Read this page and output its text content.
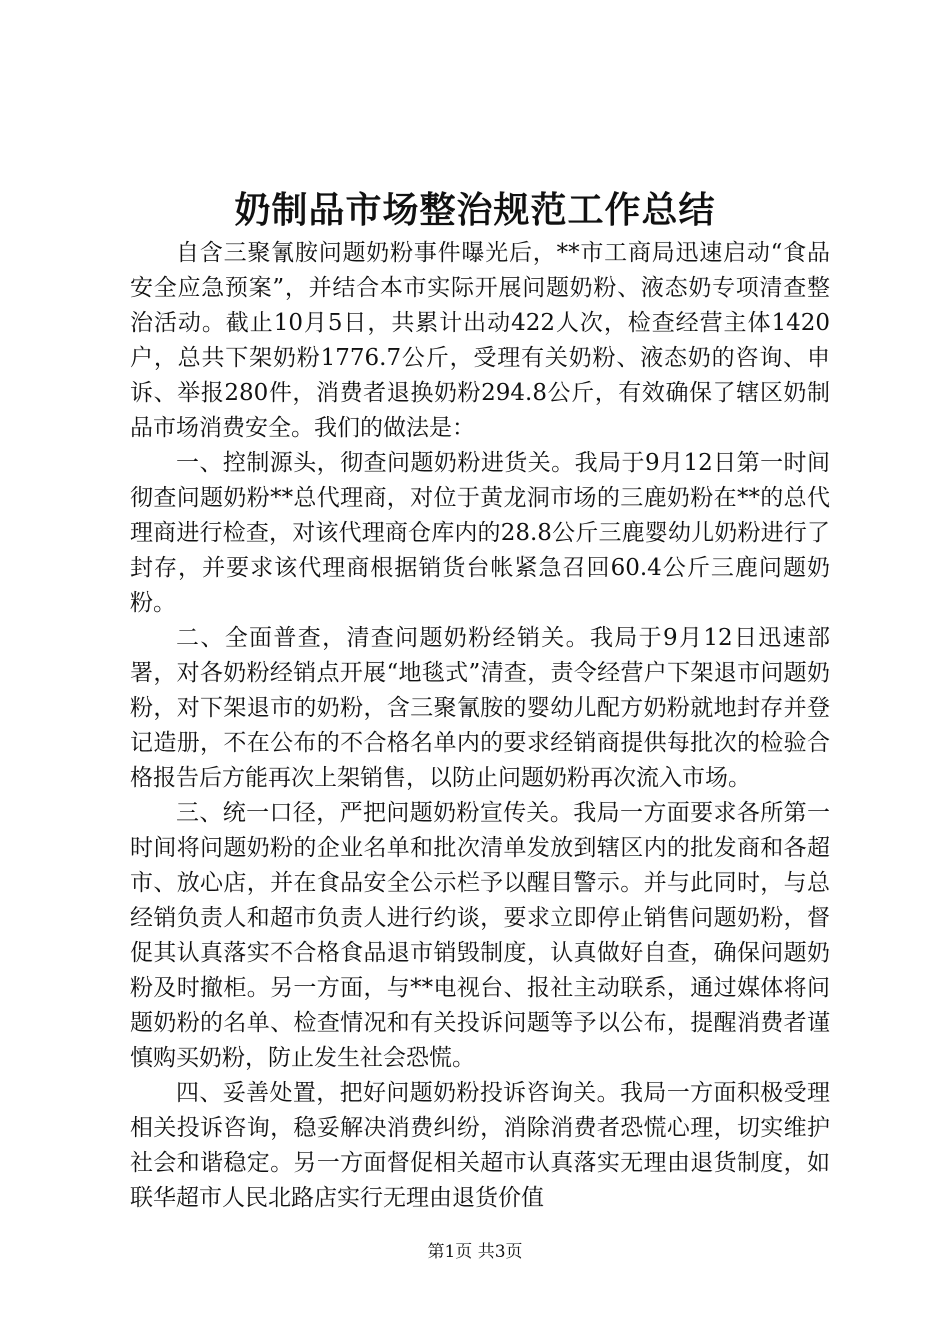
奶制品市场整治规范工作总结

自含三聚氰胺问题奶粉事件曝光后，**市工商局迅速启动“食品安全应急预案”，并结合本市实际开展问题奶粉、液态奶专项清查整治活动。截止10月5日，共累计出动422人次，检查经营主体1420户，总共下架奶粉1776.7公斤，受理有关奶粉、液态奶的咨询、申诉、举报280件，消费者退换奶粉294.8公斤，有效确保了辖区奶制品市场消费安全。我们的做法是：

一、控制源头，彻查问题奶粉进货关。我局于9月12日第一时间彻查问题奶粉**总代理商，对位于黄龙洞市场的三鹿奶粉在**的总代理商进行检查，对该代理商仓库内的28.8公斤三鹿婴幼儿奶粉进行了封存，并要求该代理商根据销货台帐紧急召回60.4公斤三鹿问题奶粉。

二、全面普查，清查问题奶粉经销关。我局于9月12日迅速部署，对各奶粉经销点开展“地毯式”清查，责令经营户下架退市问题奶粉，对下架退市的奶粉，含三聚氰胺的婴幼儿配方奶粉就地封存并登记造册，不在公布的不合格名单内的要求经销商提供每批次的检验合格报告后方能再次上架销售，以防止问题奶粉再次流入市场。

三、统一口径，严把问题奶粉宣传关。我局一方面要求各所第一时间将问题奶粉的企业名单和批次清单发放到辖区内的批发商和各超市、放心店，并在食品安全公示栏予以醒目警示。并与此同时，与总经销负责人和超市负责人进行约谈，要求立即停止销售问题奶粉，督促其认真落实不合格食品退市销毁制度，认真做好自查，确保问题奶粉及时撤柜。另一方面，与**电视台、报社主动联系，通过媒体将问题奶粉的名单、检查情况和有关投诉问题等予以公布，提醒消费者谨慎购买奶粉，防止发生社会恐慌。

四、妥善处置，把好问题奶粉投诉咨询关。我局一方面积极受理相关投诉咨询，稳妥解决消费纠纷，消除消费者恐慌心理，切实维护社会和谐稳定。另一方面督促相关超市认真落实无理由退货制度，如联华超市人民北路店实行无理由退货价值

第1页 共3页
